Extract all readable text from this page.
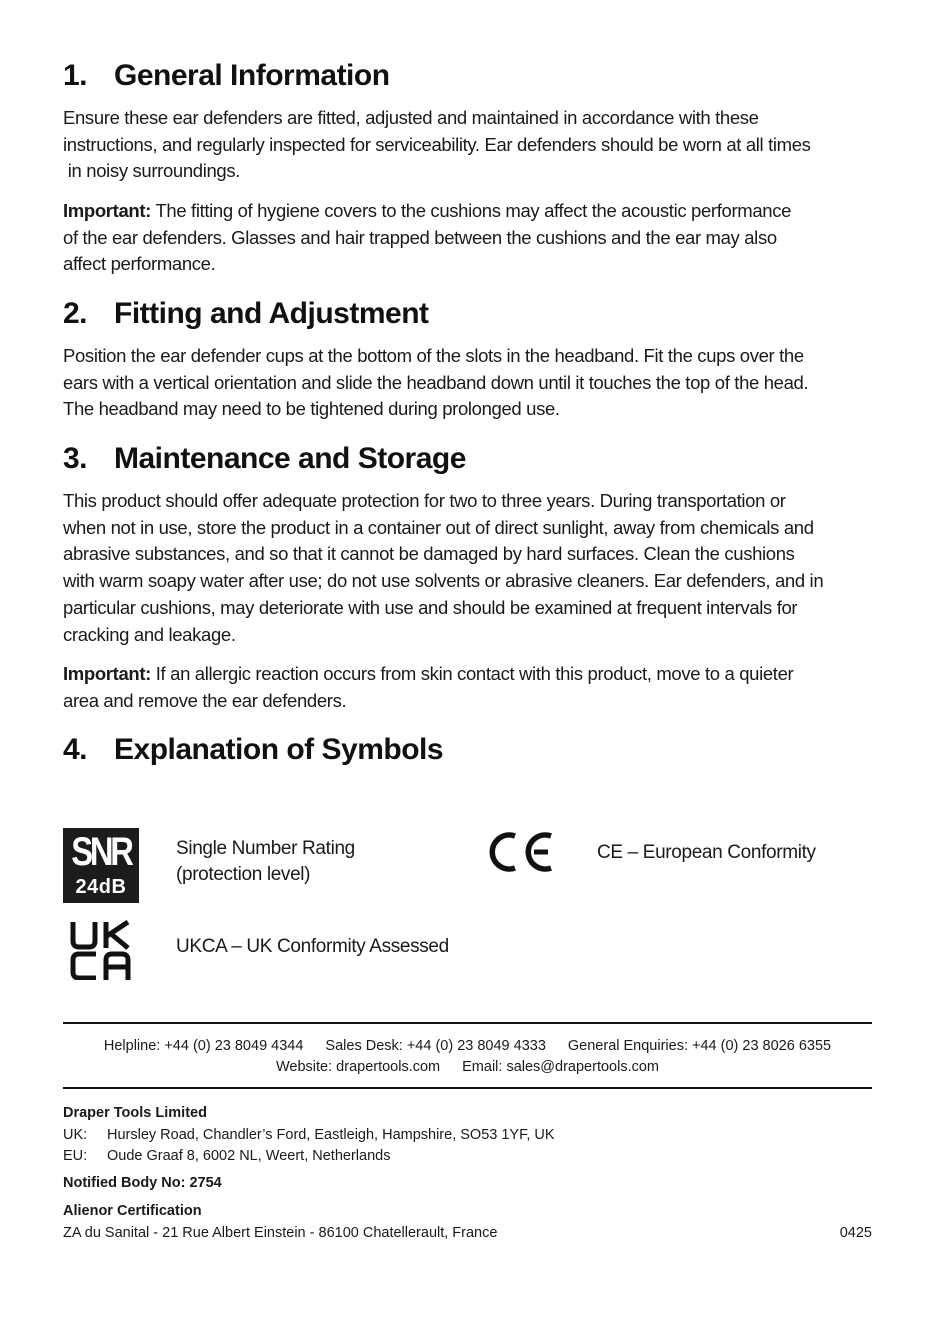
1. General Information

Ensure these ear defenders are fitted, adjusted and maintained in accordance with these
instructions, and regularly inspected for serviceability. Ear defenders should be worn at all times
in noisy surroundings.

Important: The fitting of hygiene covers to the cushions may affect the acoustic performance
of the ear defenders. Glasses and hair trapped between the cushions and the ear may also
affect performance.

2. Fitting and Adjustment

Position the ear defender cups at the bottom of the slots in the headband. Fit the cups over the
ears with a vertical orientation and slide the headband down until it touches the top of the head.
The headband may need to be tightened during prolonged use.

3. Maintenance and Storage

This product should offer adequate protection for two to three years. During transportation or
when not in use, store the product in a container out of direct sunlight, away from chemicals and
abrasive substances, and so that it cannot be damaged by hard surfaces. Clean the cushions
with warm soapy water after use; do not use solvents or abrasive cleaners. Ear defenders, and in
particular cushions, may deteriorate with use and should be examined at frequent intervals for
cracking and leakage.

Important: If an allergic reaction occurs from skin contact with this product, move to a quieter
area and remove the ear defenders.

4. Explanation of Symbols
SNR
24dB
Single Number Rating
(protection level)
CE – European Conformity
UKCA – UK Conformity Assessed
Helpline: +44 (0) 23 8049 4344 Sales Desk: +44 (0) 23 8049 4333 General Enquiries: +44 (0) 23 8026 6355
Website: drapertools.com Email: sales@drapertools.com
Draper Tools Limited
UK: Hursley Road, Chandler’s Ford, Eastleigh, Hampshire, SO53 1YF, UK
EU: Oude Graaf 8, 6002 NL, Weert, Netherlands
Notified Body No: 2754
Alienor Certification
ZA du Sanital - 21 Rue Albert Einstein - 86100 Chatellerault, France	0425
